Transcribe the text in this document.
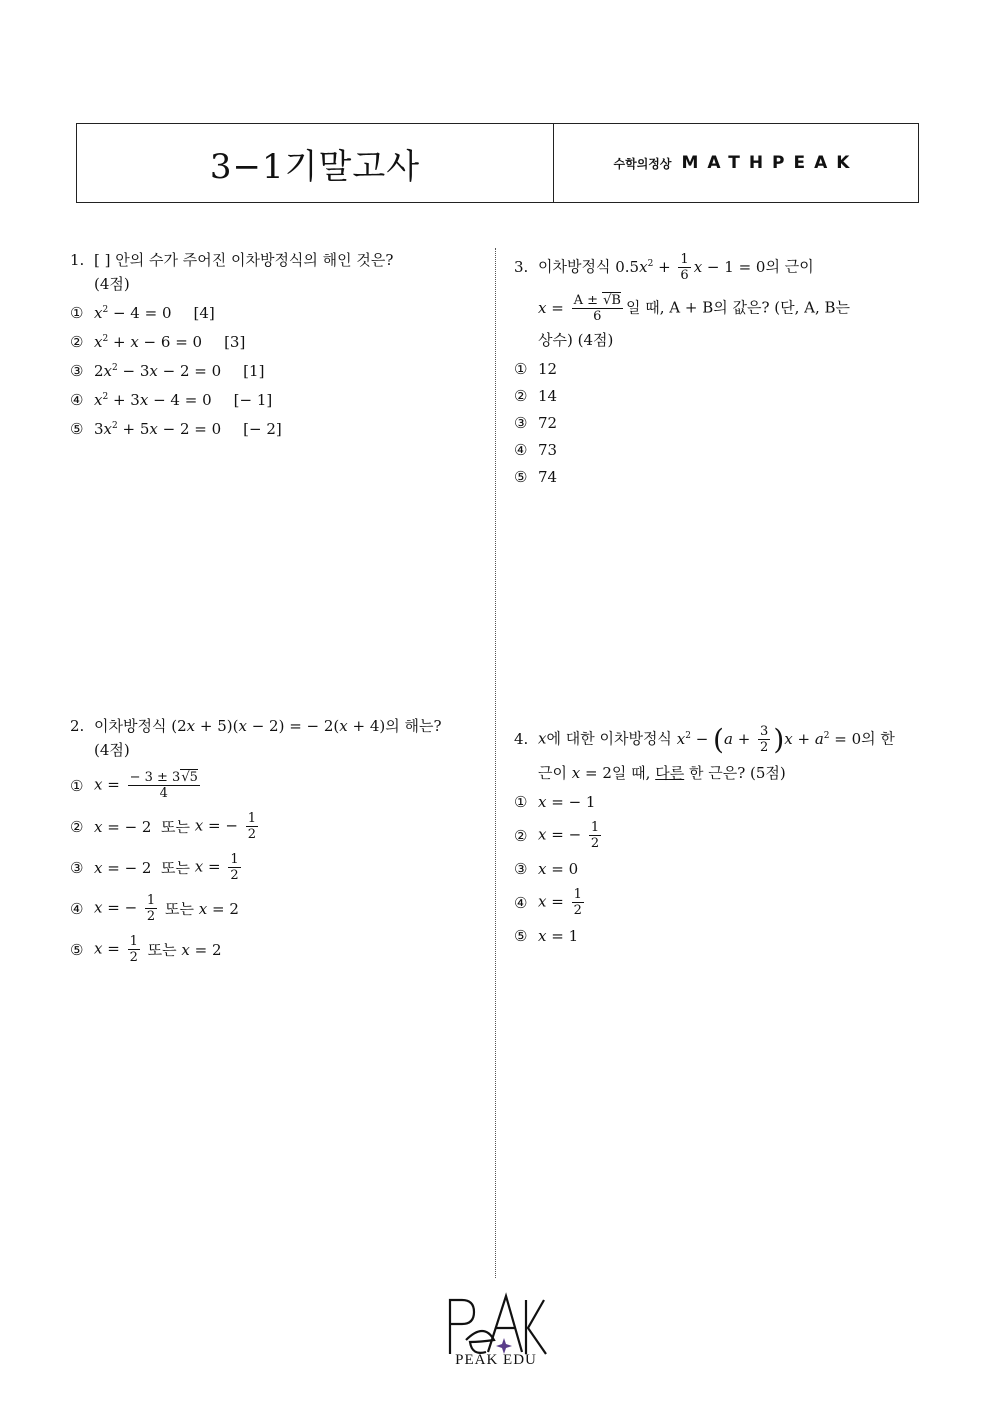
3−1기말고사	수학의정상 MATHPEAK
1. [ ] 안의 수가 주어진 이차방정식의 해인 것은?
(4점)
① $x^2 - 4 = 0$ [4]
② $x^2 + x - 6 = 0$ [3]
③ $2x^2 - 3x - 2 = 0$ [1]
④ $x^2 + 3x - 4 = 0$ [− 1]
⑤ $3x^2 + 5x - 2 = 0$ [− 2]
2. 이차방정식 (2x + 5)(x − 2) = − 2(x + 4)의 해는?
(4점)
① $x = \frac{- 3 \pm 3√5}{4}$
② x = − 2 또는 x = − $\frac{1}{2}$
③ x = − 2 또는 $x = \frac{1}{2}$
④ x = − $\frac{1}{2}$
또는 x = 2
⑤ $x = \frac{1}{2}$
또는 x = 2
3. 이차방정식 $0.5x^2 + \frac{1}{6}$ x − 1 = 0의 근이
$x = \frac{A \pm √B}{6}$ 일 때, A + B의 값은? (단, A, B는
상수) (4점)
① 12
② 14
③ 72
④ 73
⑤ 74
4. x에 대한 이차방정식 $x^2 - (a + \frac{3}{2} )x + a^2 = 0$의 한
근이 x = 2일 때, 다른 한 근은? (5점)
① x = − 1
② x = − $\frac{1}{2}$
③ x = 0
④ $x = \frac{1}{2}$
⑤ x = 1
PEAK EDU
